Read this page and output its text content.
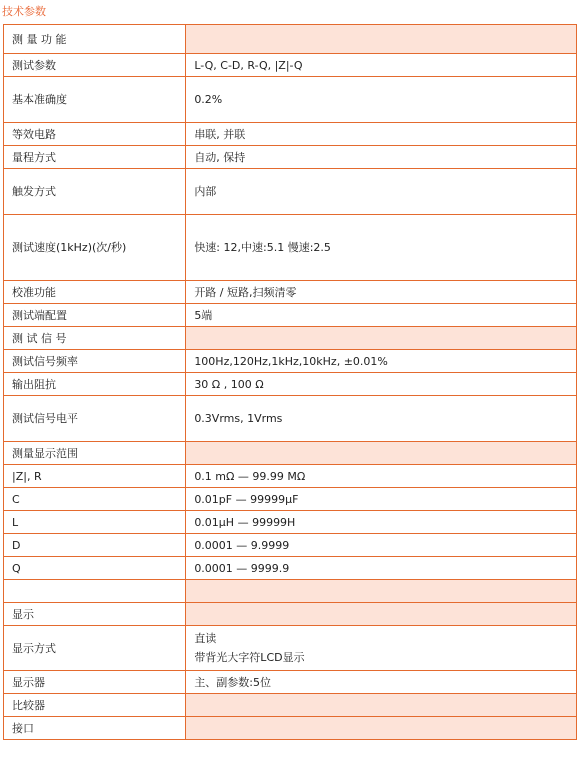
技术参数
测 量 功 能	
测试参数	L-Q, C-D, R-Q, |Z|-Q
基本准确度	0.2%
等效电路	串联, 并联
量程方式	自动, 保持
触发方式	内部
测试速度(1kHz)(次/秒)	快速: 12,中速:5.1 慢速:2.5
校准功能	开路 / 短路,扫频清零
测试端配置	5端
测 试 信 号	
测试信号频率	100Hz,120Hz,1kHz,10kHz, ±0.01%
输出阻抗	30 Ω , 100 Ω
测试信号电平	0.3Vrms, 1Vrms
测量显示范围	
|Z|, R	0.1 mΩ — 99.99 MΩ
C	0.01pF — 99999μF
L	0.01μH — 99999H
D	0.0001 — 9.9999
Q	0.0001 — 9999.9

显示	
显示方式	直读
带背光大字符LCD显示

显示器	主、副参数:5位
比较器	
接口	
